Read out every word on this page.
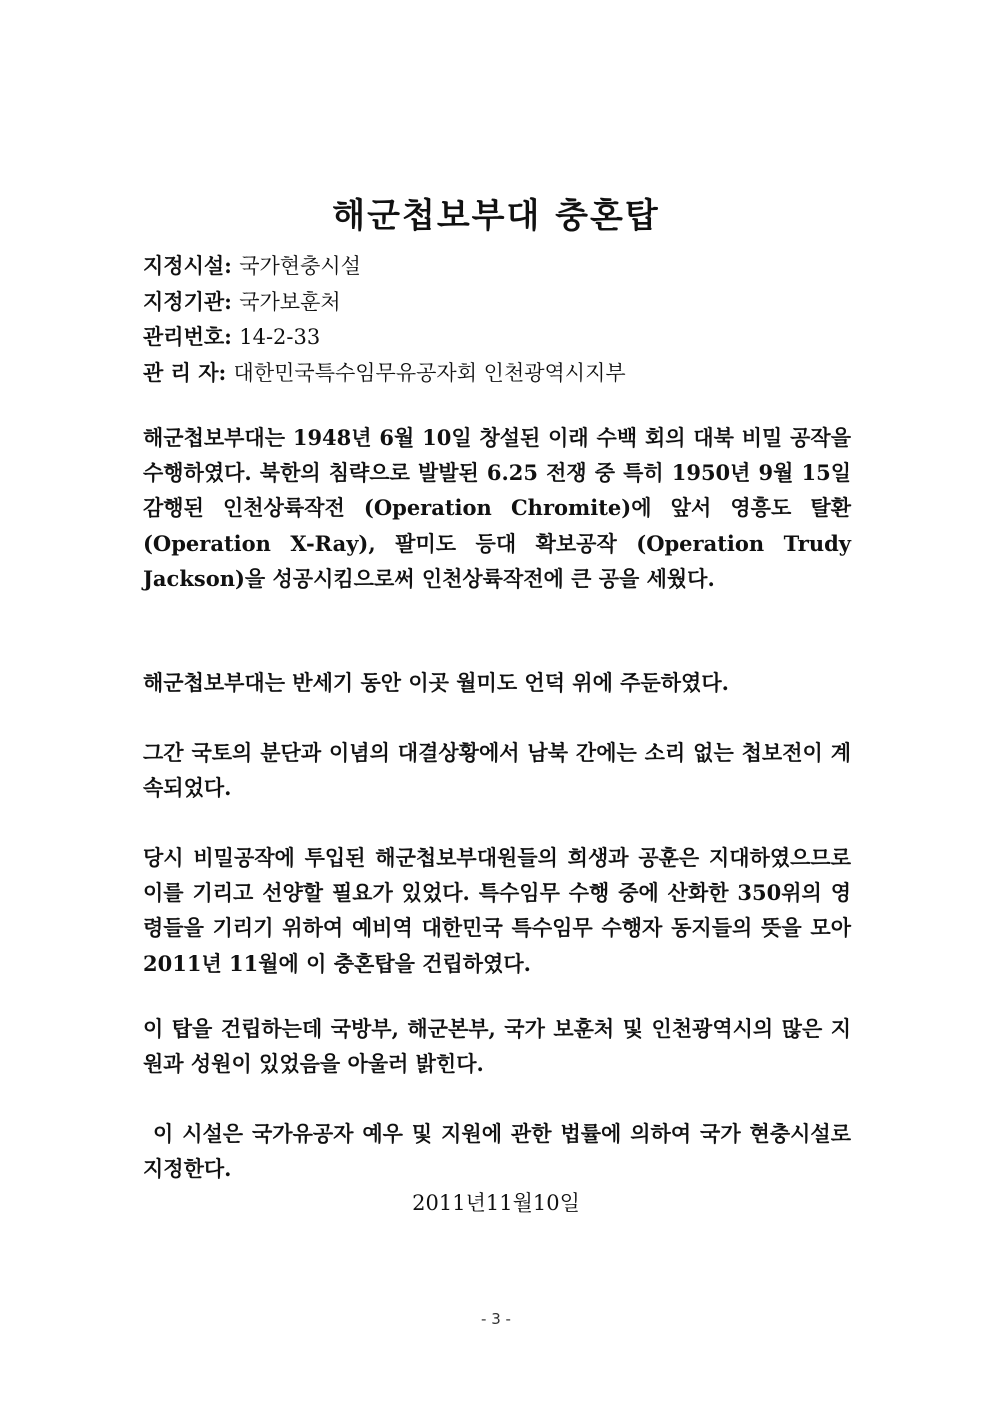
해군첩보부대 충혼탑
지정시설: 국가현충시설
지정기관: 국가보훈처
관리번호: 14-2-33
관 리 자: 대한민국특수임무유공자회 인천광역시지부

해군첩보부대는 1948년 6월 10일 창설된 이래 수백 회의 대북 비밀 공작을 수행하였다. 북한의 침략으로 발발된 6.25 전쟁 중 특히 1950년 9월 15일 감행된 인천상륙작전 (Operation Chromite)에 앞서 영흥도 탈환 (Operation X-Ray), 팔미도 등대 확보공작 (Operation Trudy Jackson)을 성공시킴으로써 인천상륙작전에 큰 공을 세웠다.

해군첩보부대는 반세기 동안 이곳 월미도 언덕 위에 주둔하였다.

그간 국토의 분단과 이념의 대결상황에서 남북 간에는 소리 없는 첩보전이 계속되었다.

당시 비밀공작에 투입된 해군첩보부대원들의 희생과 공훈은 지대하였으므로 이를 기리고 선양할 필요가 있었다. 특수임무 수행 중에 산화한 350위의 영령들을 기리기 위하여 예비역 대한민국 특수임무 수행자 동지들의 뜻을 모아 2011년 11월에 이 충혼탑을 건립하였다.

이 탑을 건립하는데 국방부, 해군본부, 국가 보훈처 및 인천광역시의 많은 지원과 성원이 있었음을 아울러 밝힌다.

이 시설은 국가유공자 예우 및 지원에 관한 법률에 의하여 국가 현충시설로 지정한다.

2011년11월10일
- 3 -
